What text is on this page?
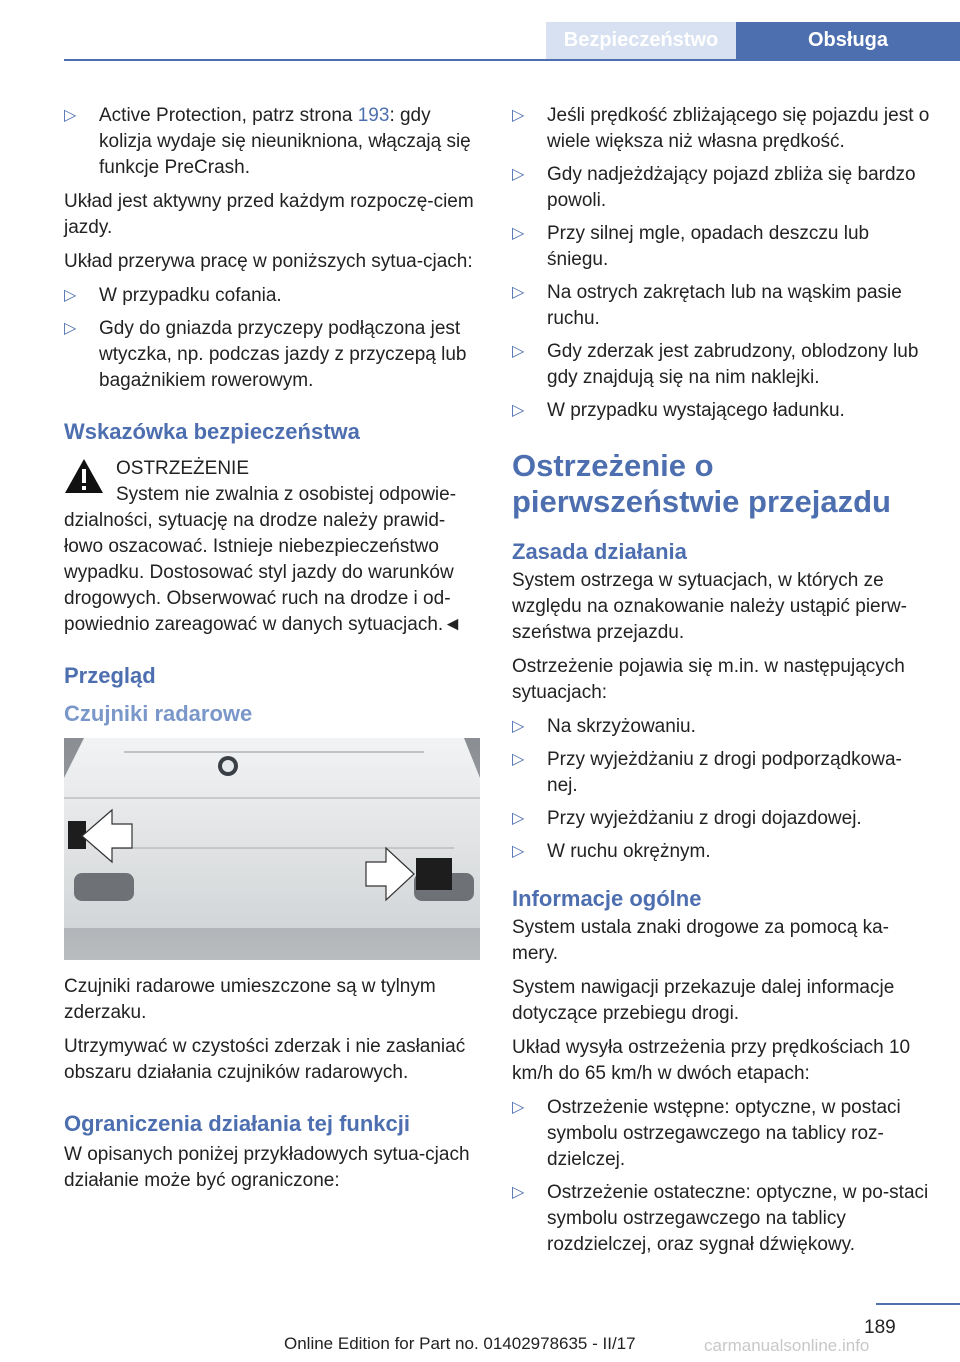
Bezpieczeństwo	Obsługa
▷ Active Protection, patrz strona 193: gdy kolizja wydaje się nieunikniona, włączają się funkcje PreCrash.

Układ jest aktywny przed każdym rozpoczę-ciem jazdy.

Układ przerywa pracę w poniższych sytua-cjach:

▷ W przypadku cofania.
▷ Gdy do gniazda przyczepy podłączona jest wtyczka, np. podczas jazdy z przyczepą lub bagażnikiem rowerowym.
Wskazówka bezpieczeństwa
OSTRZEŻENIE

System nie zwalnia z osobistej odpowie-dzialności, sytuację na drodze należy prawid-łowo oszacować. Istnieje niebezpieczeństwo wypadku. Dostosować styl jazdy do warunków drogowych. Obserwować ruch na drodze i od-powiednio zareagować w danych sytuacjach.◄

Przegląd
Czujniki radarowe

Czujniki radarowe umieszczone są w tylnym zderzaku.

Utrzymywać w czystości zderzak i nie zasłaniać obszaru działania czujników radarowych.

Ograniczenia działania tej funkcji

W opisanych poniżej przykładowych sytua-cjach działanie może być ograniczone:

▷ Jeśli prędkość zbliżającego się pojazdu jest o wiele większa niż własna prędkość.
▷ Gdy nadjeżdżający pojazd zbliża się bardzo powoli.
▷ Przy silnej mgle, opadach deszczu lub śniegu.
▷ Na ostrych zakrętach lub na wąskim pasie ruchu.
▷ Gdy zderzak jest zabrudzony, oblodzony lub gdy znajdują się na nim naklejki.
▷ W przypadku wystającego ładunku.
Ostrzeżenie o pierwszeństwie przejazdu
Zasada działania

System ostrzega w sytuacjach, w których ze względu na oznakowanie należy ustąpić pierw-szeństwa przejazdu.

Ostrzeżenie pojawia się m.in. w następujących sytuacjach:

▷ Na skrzyżowaniu.
▷ Przy wyjeżdżaniu z drogi podporządkowa-nej.
▷ Przy wyjeżdżaniu z drogi dojazdowej.
▷ W ruchu okrężnym.
Informacje ogólne

System ustala znaki drogowe za pomocą ka-mery.

System nawigacji przekazuje dalej informacje dotyczące przebiegu drogi.

Układ wysyła ostrzeżenia przy prędkościach 10 km/h do 65 km/h w dwóch etapach:

▷ Ostrzeżenie wstępne: optyczne, w postaci symbolu ostrzegawczego na tablicy roz-dzielczej.
▷ Ostrzeżenie ostateczne: optyczne, w po-staci symbolu ostrzegawczego na tablicy rozdzielczej, oraz sygnał dźwiękowy.
189
Online Edition for Part no. 01402978635 - II/17	carmanualsonline.info
